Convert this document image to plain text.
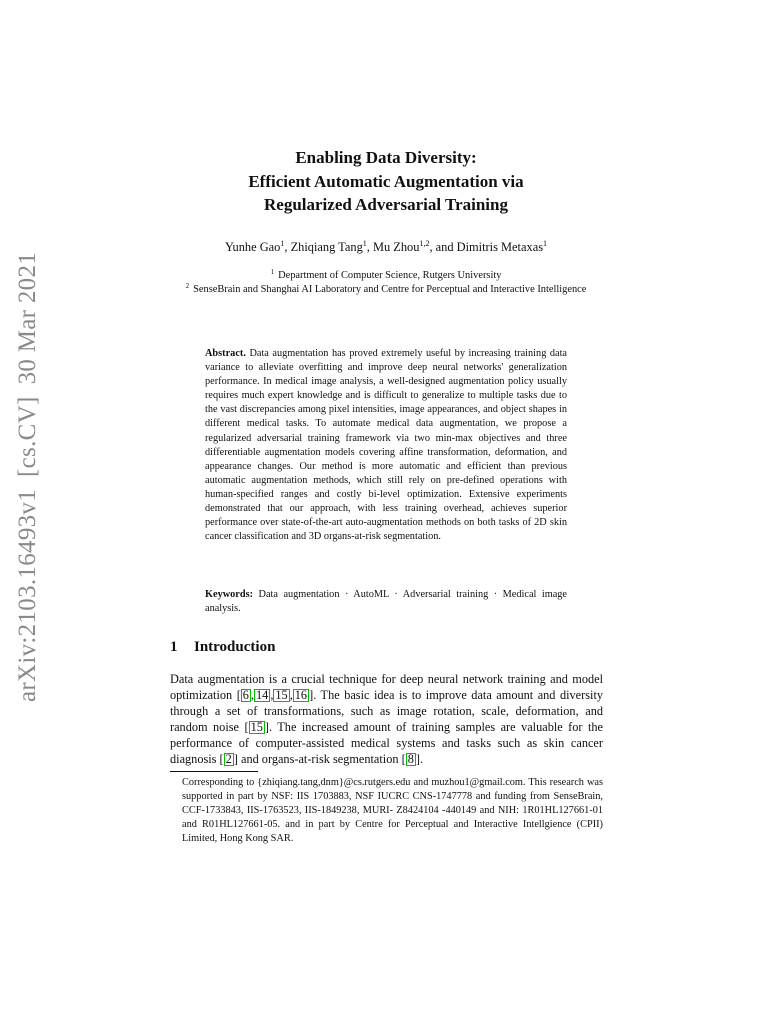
arXiv:2103.16493v1[cs.CV]30 Mar 2021
Enabling Data Diversity:
Efficient Automatic Augmentation via
Regularized Adversarial Training
Yunhe Gao$^1$, Zhiqiang Tang$^1$, Mu Zhou$^{1,2}$, and Dimitris Metaxas$^1$
$^1$ Department of Computer Science, Rutgers University
$^2$ SenseBrain and Shanghai AI Laboratory and Centre for Perceptual and Interactive Intelligence
Abstract. Data augmentation has proved extremely useful by increasing training data variance to alleviate overfitting and improve deep neural networks' generalization performance. In medical image analysis, a well-designed augmentation policy usually requires much expert knowledge and is difficult to generalize to multiple tasks due to the vast discrepancies among pixel intensities, image appearances, and object shapes in different medical tasks. To automate medical data augmentation, we propose a regularized adversarial training framework via two min-max objectives and three differentiable augmentation models covering affine transformation, deformation, and appearance changes. Our method is more automatic and efficient than previous automatic augmentation methods, which still rely on pre-defined operations with human-specified ranges and costly bi-level optimization. Extensive experiments demonstrated that our approach, with less training overhead, achieves superior performance over state-of-the-art auto-augmentation methods on both tasks of 2D skin cancer classification and 3D organs-at-risk segmentation.
Keywords: Data augmentation · AutoML · Adversarial training · Medical image analysis.
1 Introduction
Data augmentation is a crucial technique for deep neural network training and model optimization [ 6 , 14 , 15 , 16 ]. The basic idea is to improve data amount and diversity through a set of transformations, such as image rotation, scale, deformation, and random noise [ 15 ]. The increased amount of training samples are valuable for the performance of computer-assisted medical systems and tasks such as skin cancer diagnosis [ 2 ] and organs-at-risk segmentation [ 8 ].
Corresponding to {zhiqiang.tang,dnm}@cs.rutgers.edu and muzhou1@gmail.com. This research was supported in part by NSF: IIS 1703883, NSF IUCRC CNS-1747778 and funding from SenseBrain, CCF-1733843, IIS-1763523, IIS-1849238, MURI- Z8424104 -440149 and NIH: 1R01HL127661-01 and R01HL127661-05. and in part by Centre for Perceptual and Interactive Intellgience (CPII) Limited, Hong Kong SAR.
